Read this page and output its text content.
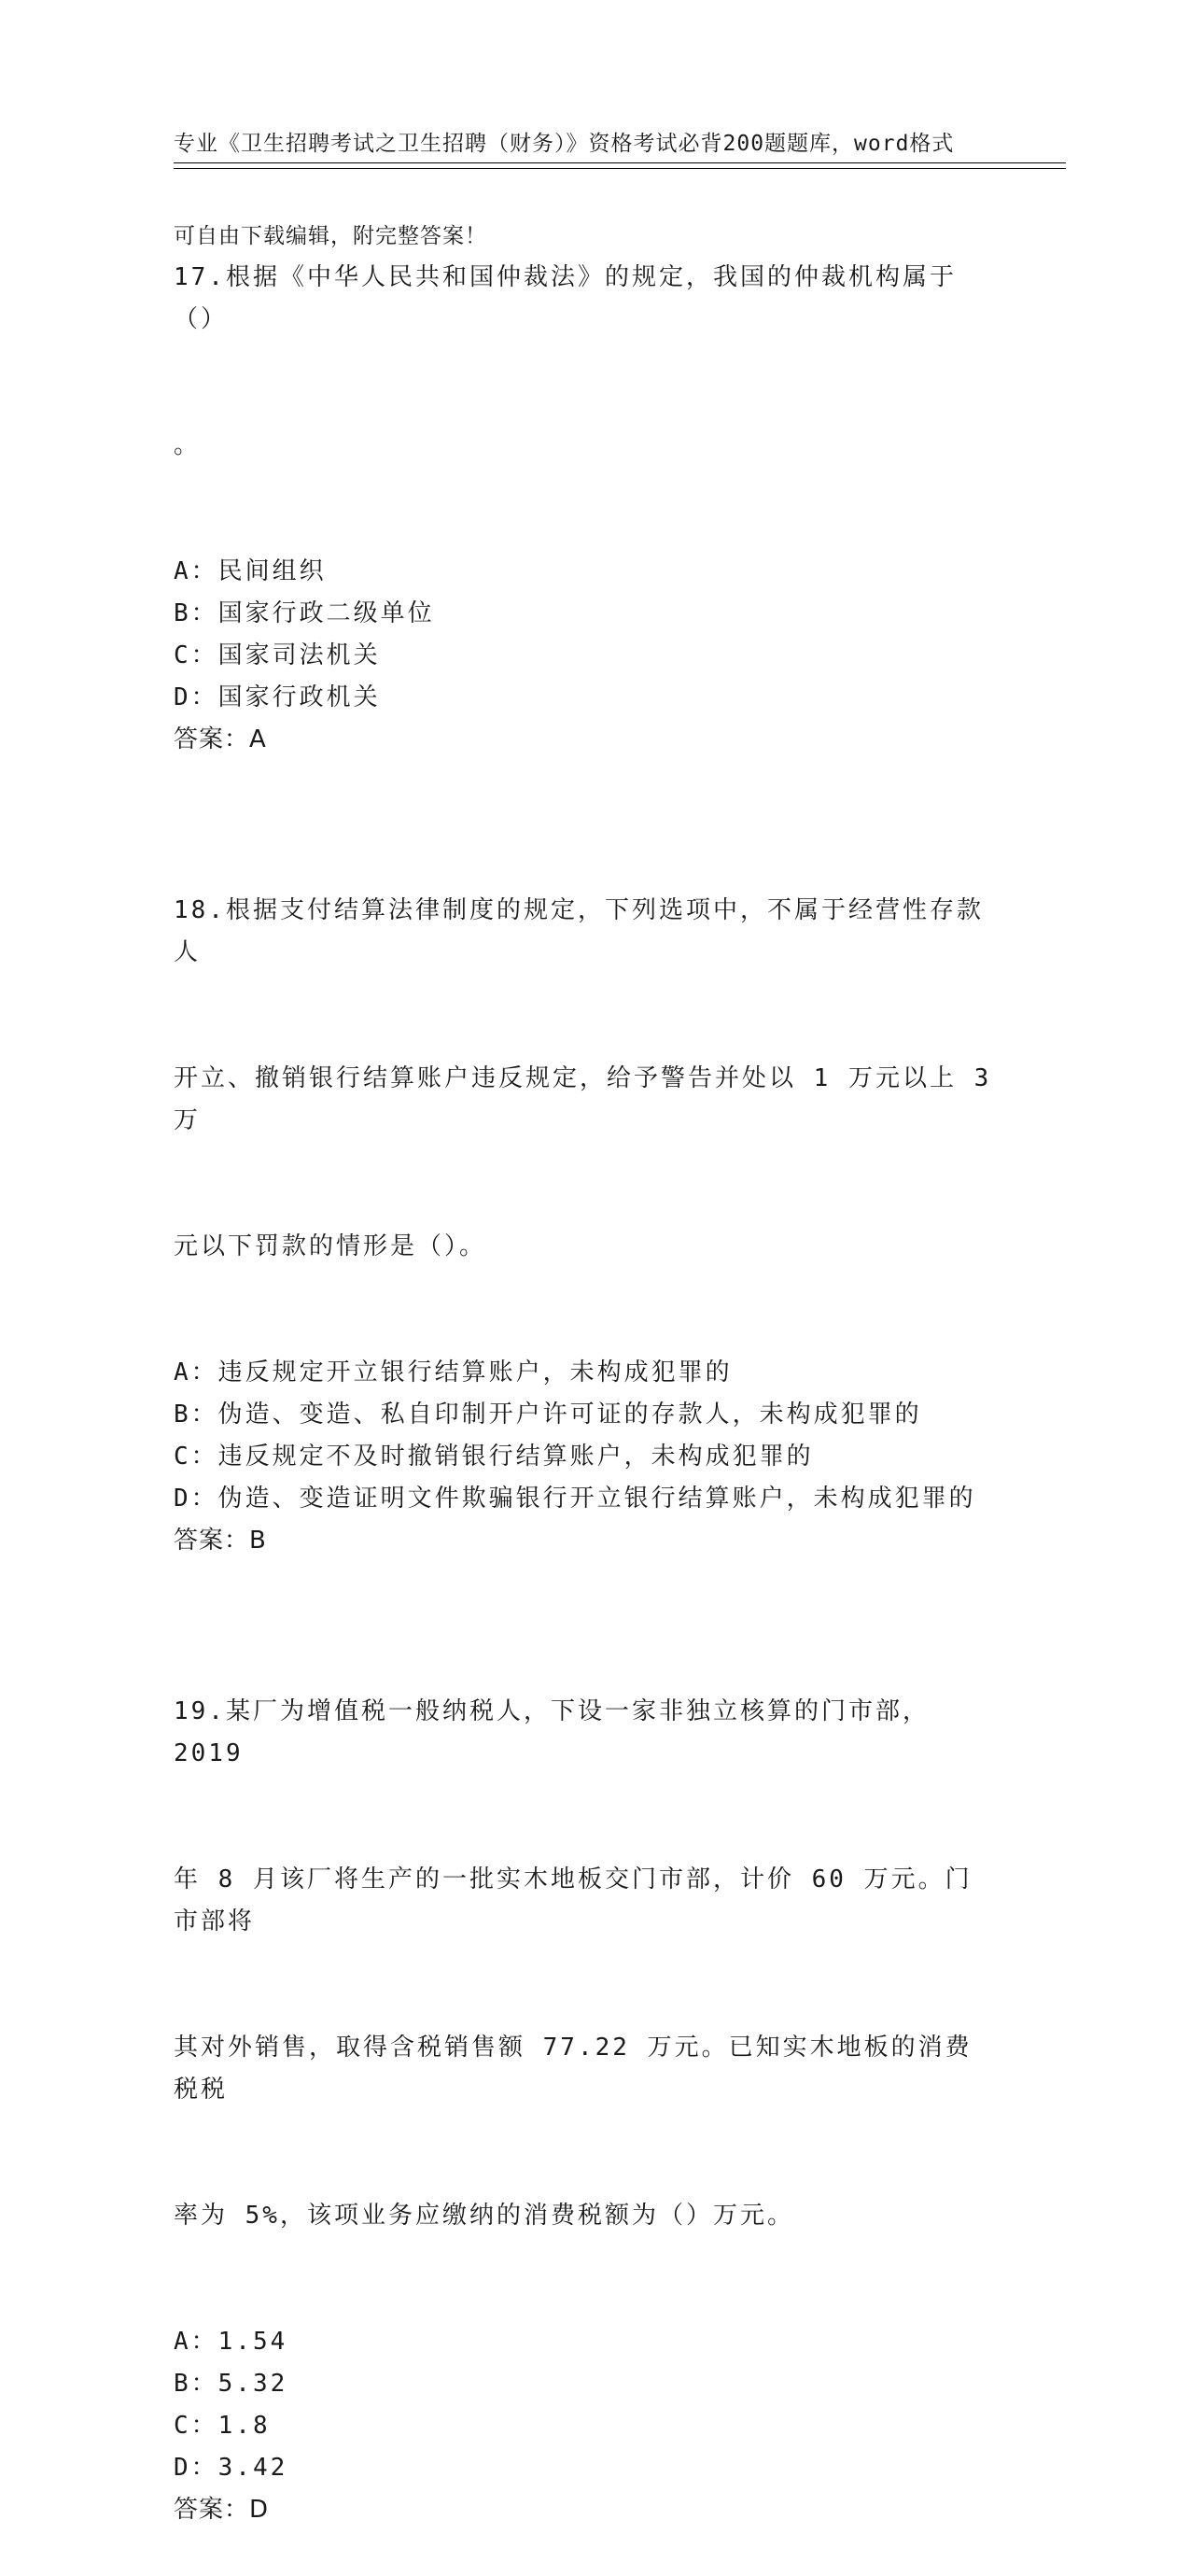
专业《卫生招聘考试之卫生招聘（财务）》资格考试必背200题题库，word格式

可自由下载编辑，附完整答案！

17.根据《中华人民共和国仲裁法》的规定，我国的仲裁机构属于（）

。

A：民间组织
B：国家行政二级单位
C：国家司法机关
D：国家行政机关
答案：A

18.根据支付结算法律制度的规定，下列选项中，不属于经营性存款人

开立、撤销银行结算账户违反规定，给予警告并处以 1 万元以上 3 万

元以下罚款的情形是（）。

A：违反规定开立银行结算账户，未构成犯罪的
B：伪造、变造、私自印制开户许可证的存款人，未构成犯罪的
C：违反规定不及时撤销银行结算账户，未构成犯罪的
D：伪造、变造证明文件欺骗银行开立银行结算账户，未构成犯罪的
答案：B

19.某厂为增值税一般纳税人，下设一家非独立核算的门市部，2019

年 8 月该厂将生产的一批实木地板交门市部，计价 60 万元。门市部将

其对外销售，取得含税销售额 77.22 万元。已知实木地板的消费税税

率为 5%，该项业务应缴纳的消费税额为（）万元。

A：1.54
B：5.32
C：1.8
D：3.42
答案：D
